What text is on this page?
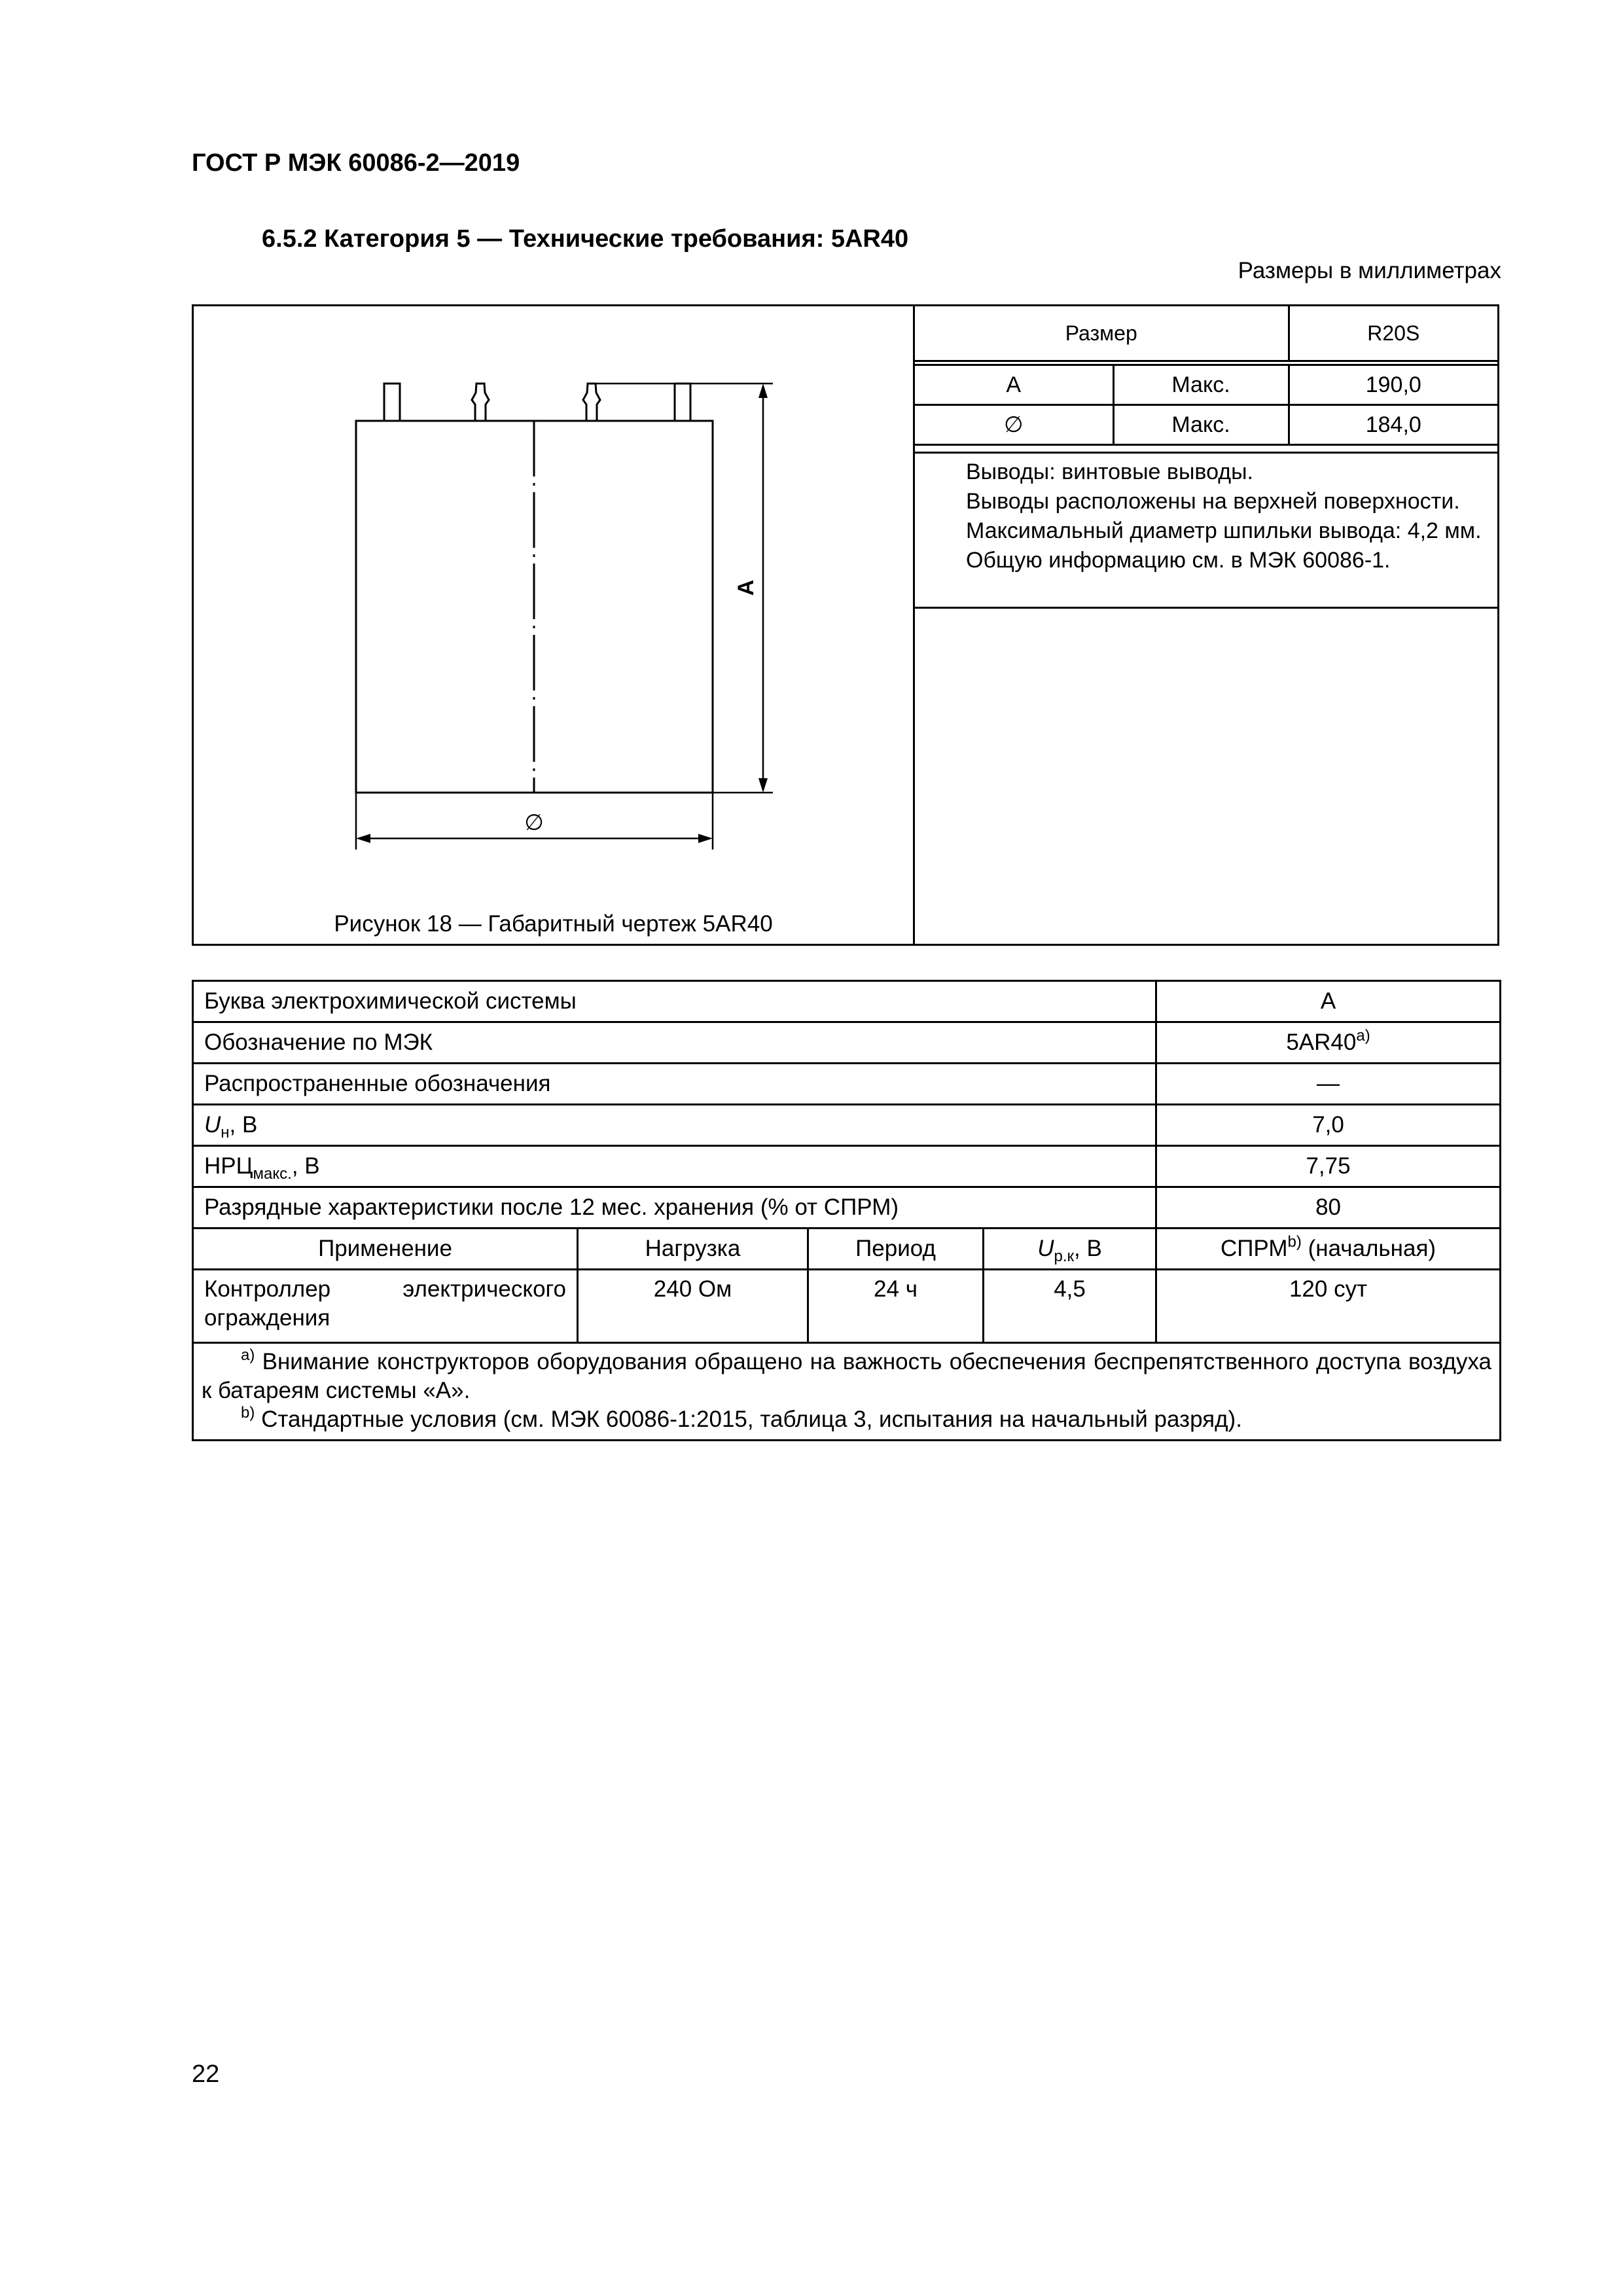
ГОСТ Р МЭК 60086-2—2019
6.5.2 Категория 5 — Технические требования: 5AR40
Размеры в миллиметрах
A
∅
Рисунок 18 — Габаритный чертеж 5AR40
Размер		R20S
A	Макс.	190,0
∅	Макс.	184,0

Выводы: винтовые выводы.

Выводы расположены на верхней поверхности.

Максимальный диаметр шпильки вывода: 4,2 мм.

Общую информацию см. в МЭК 60086-1.

Буква электрохимической системы				A
Обозначение по МЭК				5AR40$^{a)}$
Распространенные обозначения				—
$U_н$, В				7,0
$НРЦ_{макс.}$, В				7,75
Разрядные характеристики после 12 мес. хранения (% от СПРМ)				80
Применение	Нагрузка	Период	$U_{р.к}$, В	СПРМ$^{b)}$ (начальная)
Контроллер электрического ограждения	240 Ом	24 ч	4,5	120 сут

$^{a)}$ Внимание конструкторов оборудования обращено на важность обеспечения беспрепятственного доступа воздуха к батареям системы «А».

$^{b)}$ Стандартные условия (см. МЭК 60086-1:2015, таблица 3, испытания на начальный разряд).				

22
